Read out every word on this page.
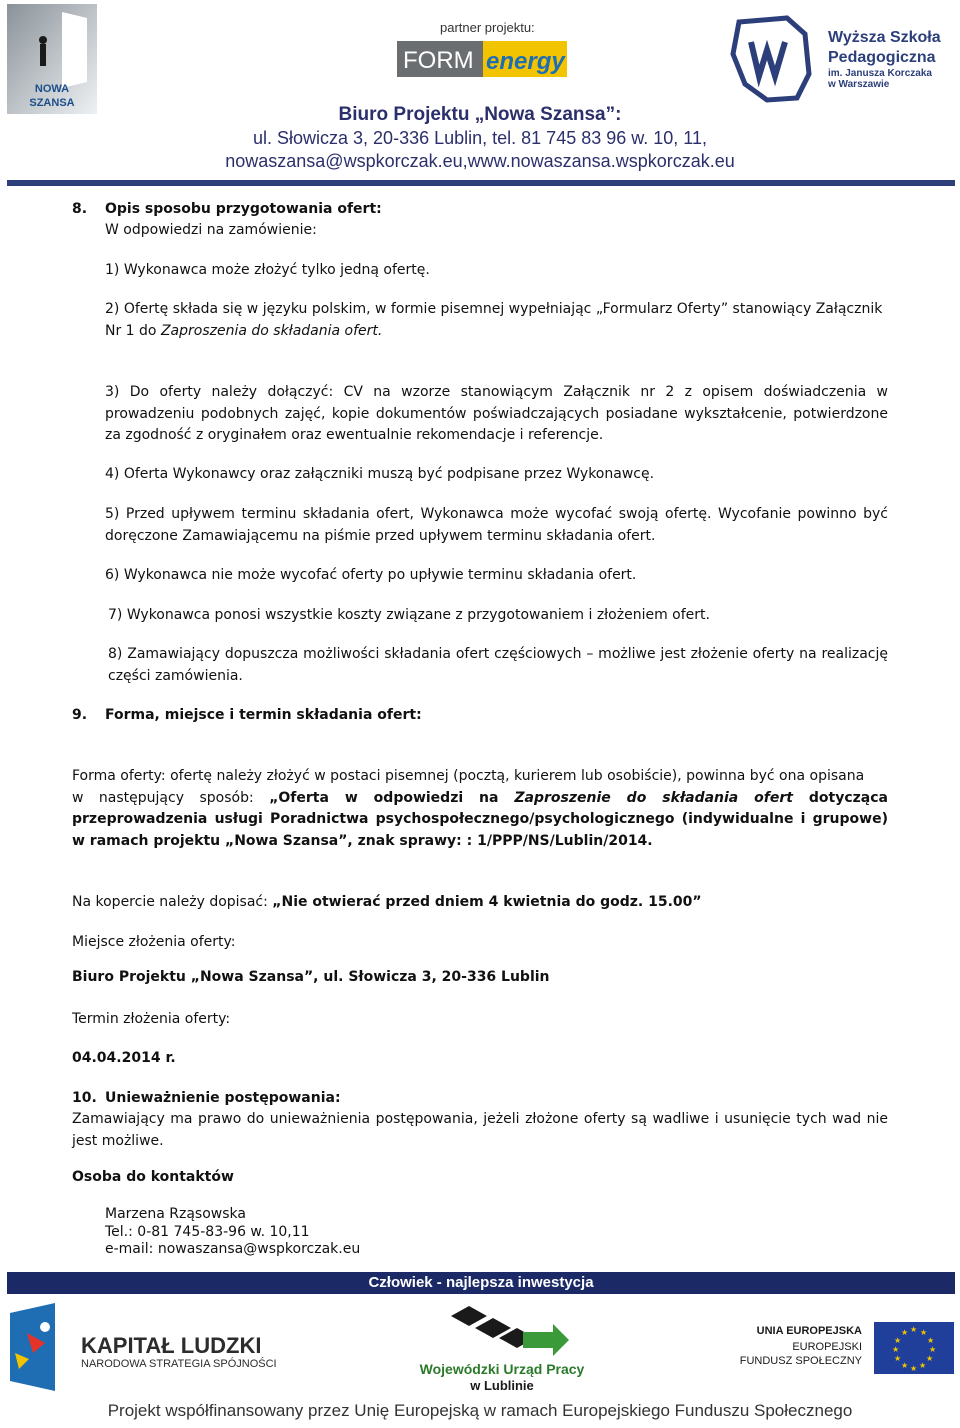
NOWA
SZANSA
partner projektu:
FORM energy
Wyższa Szkoła
Pedagogiczna
im. Janusza Korczaka
w Warszawie
Biuro Projektu „Nowa Szansa”:
ul. Słowicza 3, 20-336 Lublin, tel. 81 745 83 96 w. 10, 11,
nowaszansa@wspkorczak.eu,www.nowaszansa.wspkorczak.eu
8. Opis sposobu przygotowania ofert:
W odpowiedzi na zamówienie:
1) Wykonawca może złożyć tylko jedną ofertę.
2) Ofertę składa się w języku polskim, w formie pisemnej wypełniając „Formularz Oferty” stanowiący Załącznik
Nr 1 do Zaproszenia do składania ofert.
3) Do oferty należy dołączyć: CV na wzorze stanowiącym Załącznik nr 2 z opisem doświadczenia w prowadzeniu podobnych zajęć, kopie dokumentów poświadczających posiadane wykształcenie, potwierdzone za zgodność z oryginałem oraz ewentualnie rekomendacje i referencje.
4) Oferta Wykonawcy oraz załączniki muszą być podpisane przez Wykonawcę.
5) Przed upływem terminu składania ofert, Wykonawca może wycofać swoją ofertę. Wycofanie powinno być doręczone Zamawiającemu na piśmie przed upływem terminu składania ofert.
6) Wykonawca nie może wycofać oferty po upływie terminu składania ofert.
7) Wykonawca ponosi wszystkie koszty związane z przygotowaniem i złożeniem ofert.
8) Zamawiający dopuszcza możliwości składania ofert częściowych – możliwe jest złożenie oferty na realizację części zamówienia.
9. Forma, miejsce i termin składania ofert:
Forma oferty: ofertę należy złożyć w postaci pisemnej (pocztą, kurierem lub osobiście), powinna być ona opisana
w następujący sposób: „Oferta w odpowiedzi na Zaproszenie do składania ofert dotycząca przeprowadzenia usługi Poradnictwa psychospołecznego/psychologicznego (indywidualne i grupowe) w ramach projektu „Nowa Szansa”, znak sprawy: : 1/PPP/NS/Lublin/2014.
Na kopercie należy dopisać: „Nie otwierać przed dniem 4 kwietnia do godz. 15.00”
Miejsce złożenia oferty:
Biuro Projektu „Nowa Szansa”, ul. Słowicza 3, 20-336 Lublin
Termin złożenia oferty:
04.04.2014 r.
10. Unieważnienie postępowania:
Zamawiający ma prawo do unieważnienia postępowania, jeżeli złożone oferty są wadliwe i usunięcie tych wad nie jest możliwe.
Osoba do kontaktów
Marzena Rząsowska
Tel.: 0-81 745-83-96 w. 10,11
e-mail: nowaszansa@wspkorczak.eu
Człowiek - najlepsza inwestycja
KAPITAŁ LUDZKI
NARODOWA STRATEGIA SPÓJNOŚCI	Wojewódzki Urząd Pracy
w Lublinie
UNIA EUROPEJSKA
EUROPEJSKI
FUNDUSZ SPOŁECZNY
★ ★
★
★
★
★
★
★
★
★
★
★
Projekt współfinansowany przez Unię Europejską w ramach Europejskiego Funduszu Społecznego
